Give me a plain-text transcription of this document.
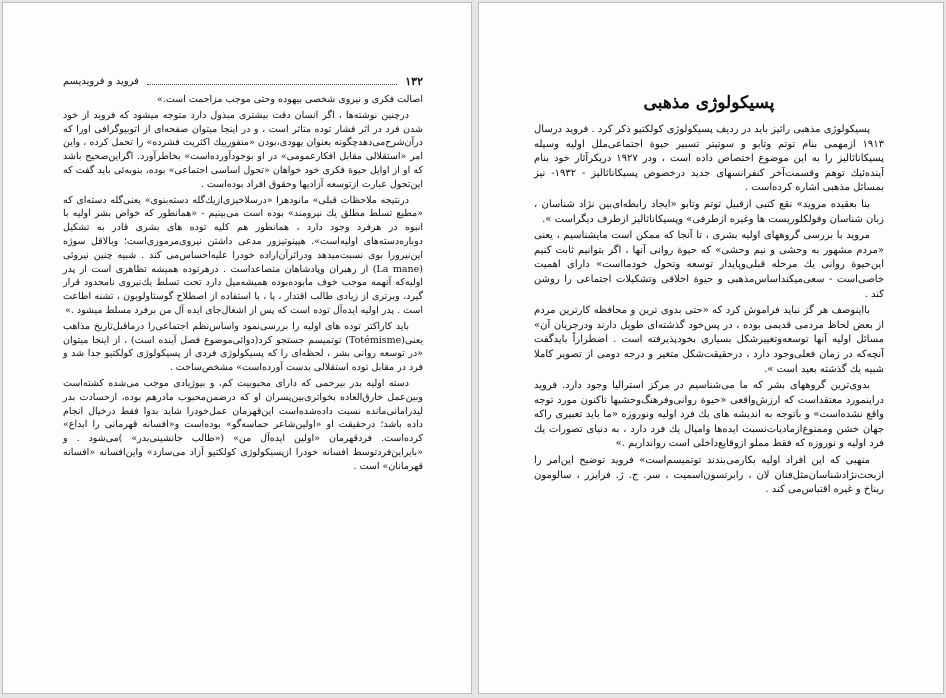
۱۳۲
فروید و فرویدیسم

اصالت فکری و نیروی شخصی بیهوده وحتی موجب مزاحمت است.»

درچنین نوشته‌ها ، اگر انسان دقت بیشتری مبذول دارد متوجه میشود که فروید از خود شدن فرد در اثر فشار توده متاثر است ، و در اینجا میتوان صفحه‌ای از اتوبیوگرافی اورا که درآن‌شرح‌می‌دهدچگونه بعنوان یهودی،بودن «منفورییك اکثریت فشرده» را تحمل کرده ، واین امر «استقلالی مقابل افکارعمومی» در او بوجودآورده‌است» بخاطرآورد. اگراین‌صحیح باشد که او از اوایل حیوة فکری خود خواهان «تحول اساسی اجتماعی» بوده، بنوبه‌ئی باید گفت که این‌تحول عبارت ازتوسعه آزادیها وحقوق افراد بوده‌است .

درنتیجه ملاحظات قبلی» مانودهرا «درسلاخیزی‌ازیك‌گله دسته‌بنوی» یعنی‌گله دسته‌ای که «مطیع تسلط مطلق یك نیرومند» بوده است می‌بینیم - «همانطور که خواص بشر اولیه با انبوه در هرفرد وجود دارد ، همانطور هم کلیه توده های بشری قادر به تشکیل دوباره‌دسته‌های اولیه‌است». هیپنوتیزور مدعی داشتن نیروی‌مرموزی‌است؛ وبالاقل سوژه این‌نیرو‌را بوی نسبت‌میدهد ودراثرآن‌اراده خودرا علیه‌احساس‌می کند . شبیه چنین نیروئی (La mane) از رهبران وپادشاهان متصاعد‌است . درهرتوده همیشه تظاهری است از پدر اولیه‌که آنهمه موجب خوف ما‌بوده‌بوده همیشه‌میل دارد تحت تسلط یك‌نیروی نامحدود قرار گیرد، وبرتری‌ از زیادی طالب اقتدار ، یا ، با استفاده از اصطلاح گوستاولوبون ، تشنه اطاعت است . پدر اولیه ایده‌آل توده است که پس از اشغال‌جای ایده‌ آل من برفرد مسلط میشود .»

باید کاراکتر توده های اولیه را بررسی‌نمود واساس‌نظم اجتماعی‌را در‌ماقبل‌تاریخ مذاهب یعنی(Totémisme) توتمیسم جستجو کرد(دوائی‌موضوع فصل آینده است) ، از اینجا میتوان «در توسعه روانی بشر ، لحظه‌ای را که پسیکولوژی فردی از پسیکولوژی کولکتیو جدا شد و فرد در مقابل توده استقلالی بدست آورده‌است» مشخص‌ساخت .

دسته اولیه بدر بیرحمی که دارای محبوبیت کم، و بیوژیادی موجب می‌شده کشته‌است وبین‌عمل خارق‌العاده بخواتری‌بین‌پسران او که درضمن‌محبوب مادرهم بوده، ازحسادت بدر لیدر‌امانی‌مانده نسبت داده‌شده‌است این‌قهرمان عمل‌خودرا شاید بدوا فقط در‌خیال انجام داده باشد؛ درحقیقت او «اولین‌شاعر حماسه‌گو» بوده‌است و«افسانه قهرمانی را ابداع» کرده‌است. فردقهرمان «اولین ایده‌آل من» («طالب جانشینی‌بدر» )می‌شود . و «بایراین‌فردتوسط افسانه خودرا ازپسیکولوژی کولکتیو آزاد می‌سازد» واین‌افسانه «افسانه قهرمانان» است .

پسیکولوژی مذهبی

پسیکولوژی مذهبی راثیز باید در ردیف پسیکولوژی کولکتیو ذکر کرد . فروید درسال ۱۹۱۳ ازمهمی بنام توتم وتابو و سوتیتر تسبیر حیوة اجتماعی‌ملل اولیه وسیله پسیکاناثالیز را به این موضوع اختصاص داده است ، ودر ۱۹۲۷ دریکرآثار خود بنام آینده‌ئیك توهم وقسمت‌آخر کنفرانسهای جدید درخصوص پسیکاناثالیز - ۱۹۳۲- نیز بمسائل مذهبی اشاره کرده‌است .

بنا بعقیده مروید» نقع کتبی ازقبیل توتم وتابو «ایجاد رابطه‌ای‌بین نژاد شناسان ، زبان شناسان وفولکلوریست ها وغیره ازطرفی» وپسیکاناثالیز ازطرف دیگراست ».

مروید با بررسی گروههای اولیه بشری ، تا آنجا که ممکن است مایشناسیم ، یعنی «مردم مشهور به وحشی و نیم وحشی» که حیوة روانی آنها ، اگر بتوانیم ثابت کنیم این‌حیوة روانی یك مرحله قبلی‌وپایدار توسعه وتحول خودما‌است» دارای اهمیت خاصی‌است - سعی‌میکنداساس‌مذهبی و حیوة اخلاقی وتشکیلات اجتماعی را روشن کند .

بااینوصف هر گز نباید فراموش کرد که «حتی بدوی ترین و محافظه کارترین مردم از بعض لحاظ مردمی قدیمی بوده ، در پس‌خود گذشته‌ای طویل دارند ودرجریان آن» مسائل اولیه آنها توسعه‌وتغییرشکل بسیاری بخود‌پذیرفته است . اضطراراً باید‌گفت آنچه‌که در زمان فعلی‌وجود دارد ، درحقیقت‌شکل متغیر و درجه دومی از تصویر کاملا شبیه یك گذشته بعید است ».

بدوی‌ترین گروههای بشر که ما می‌شناسیم در مرکز استرالیا وجود دارد. فروید دراینمورد معتقداست که ارزش‌واقعی «حیوة روانی‌وفرهنگ‌وحشیها تاکنون مورد توجه واقع نشده‌است» و باتوجه به اندیشه های یك فرد اولیه ونوروزه «ما باید تعبیری راکه جهان خشن وممنوع‌ازمادیات‌نسبت ایده‌ها وامیال یك فرد دارد ، به دنیای تصورات یك فرد اولیه و نوروزه که فقط مملو ازوقایع‌داخلی است روانداریم .»

منهبی که این افراد اولیه بکارمی‌بندند توتمیسم‌است» فروید توضیح این‌امر را ازبحث‌نژادشناسان‌مثل‌فنان لان ، رابرتسون‌اسمیت ، سر. ج. ژ. فرایزر ، سالومون ریناخ و غیره اقتباس‌می کند .
